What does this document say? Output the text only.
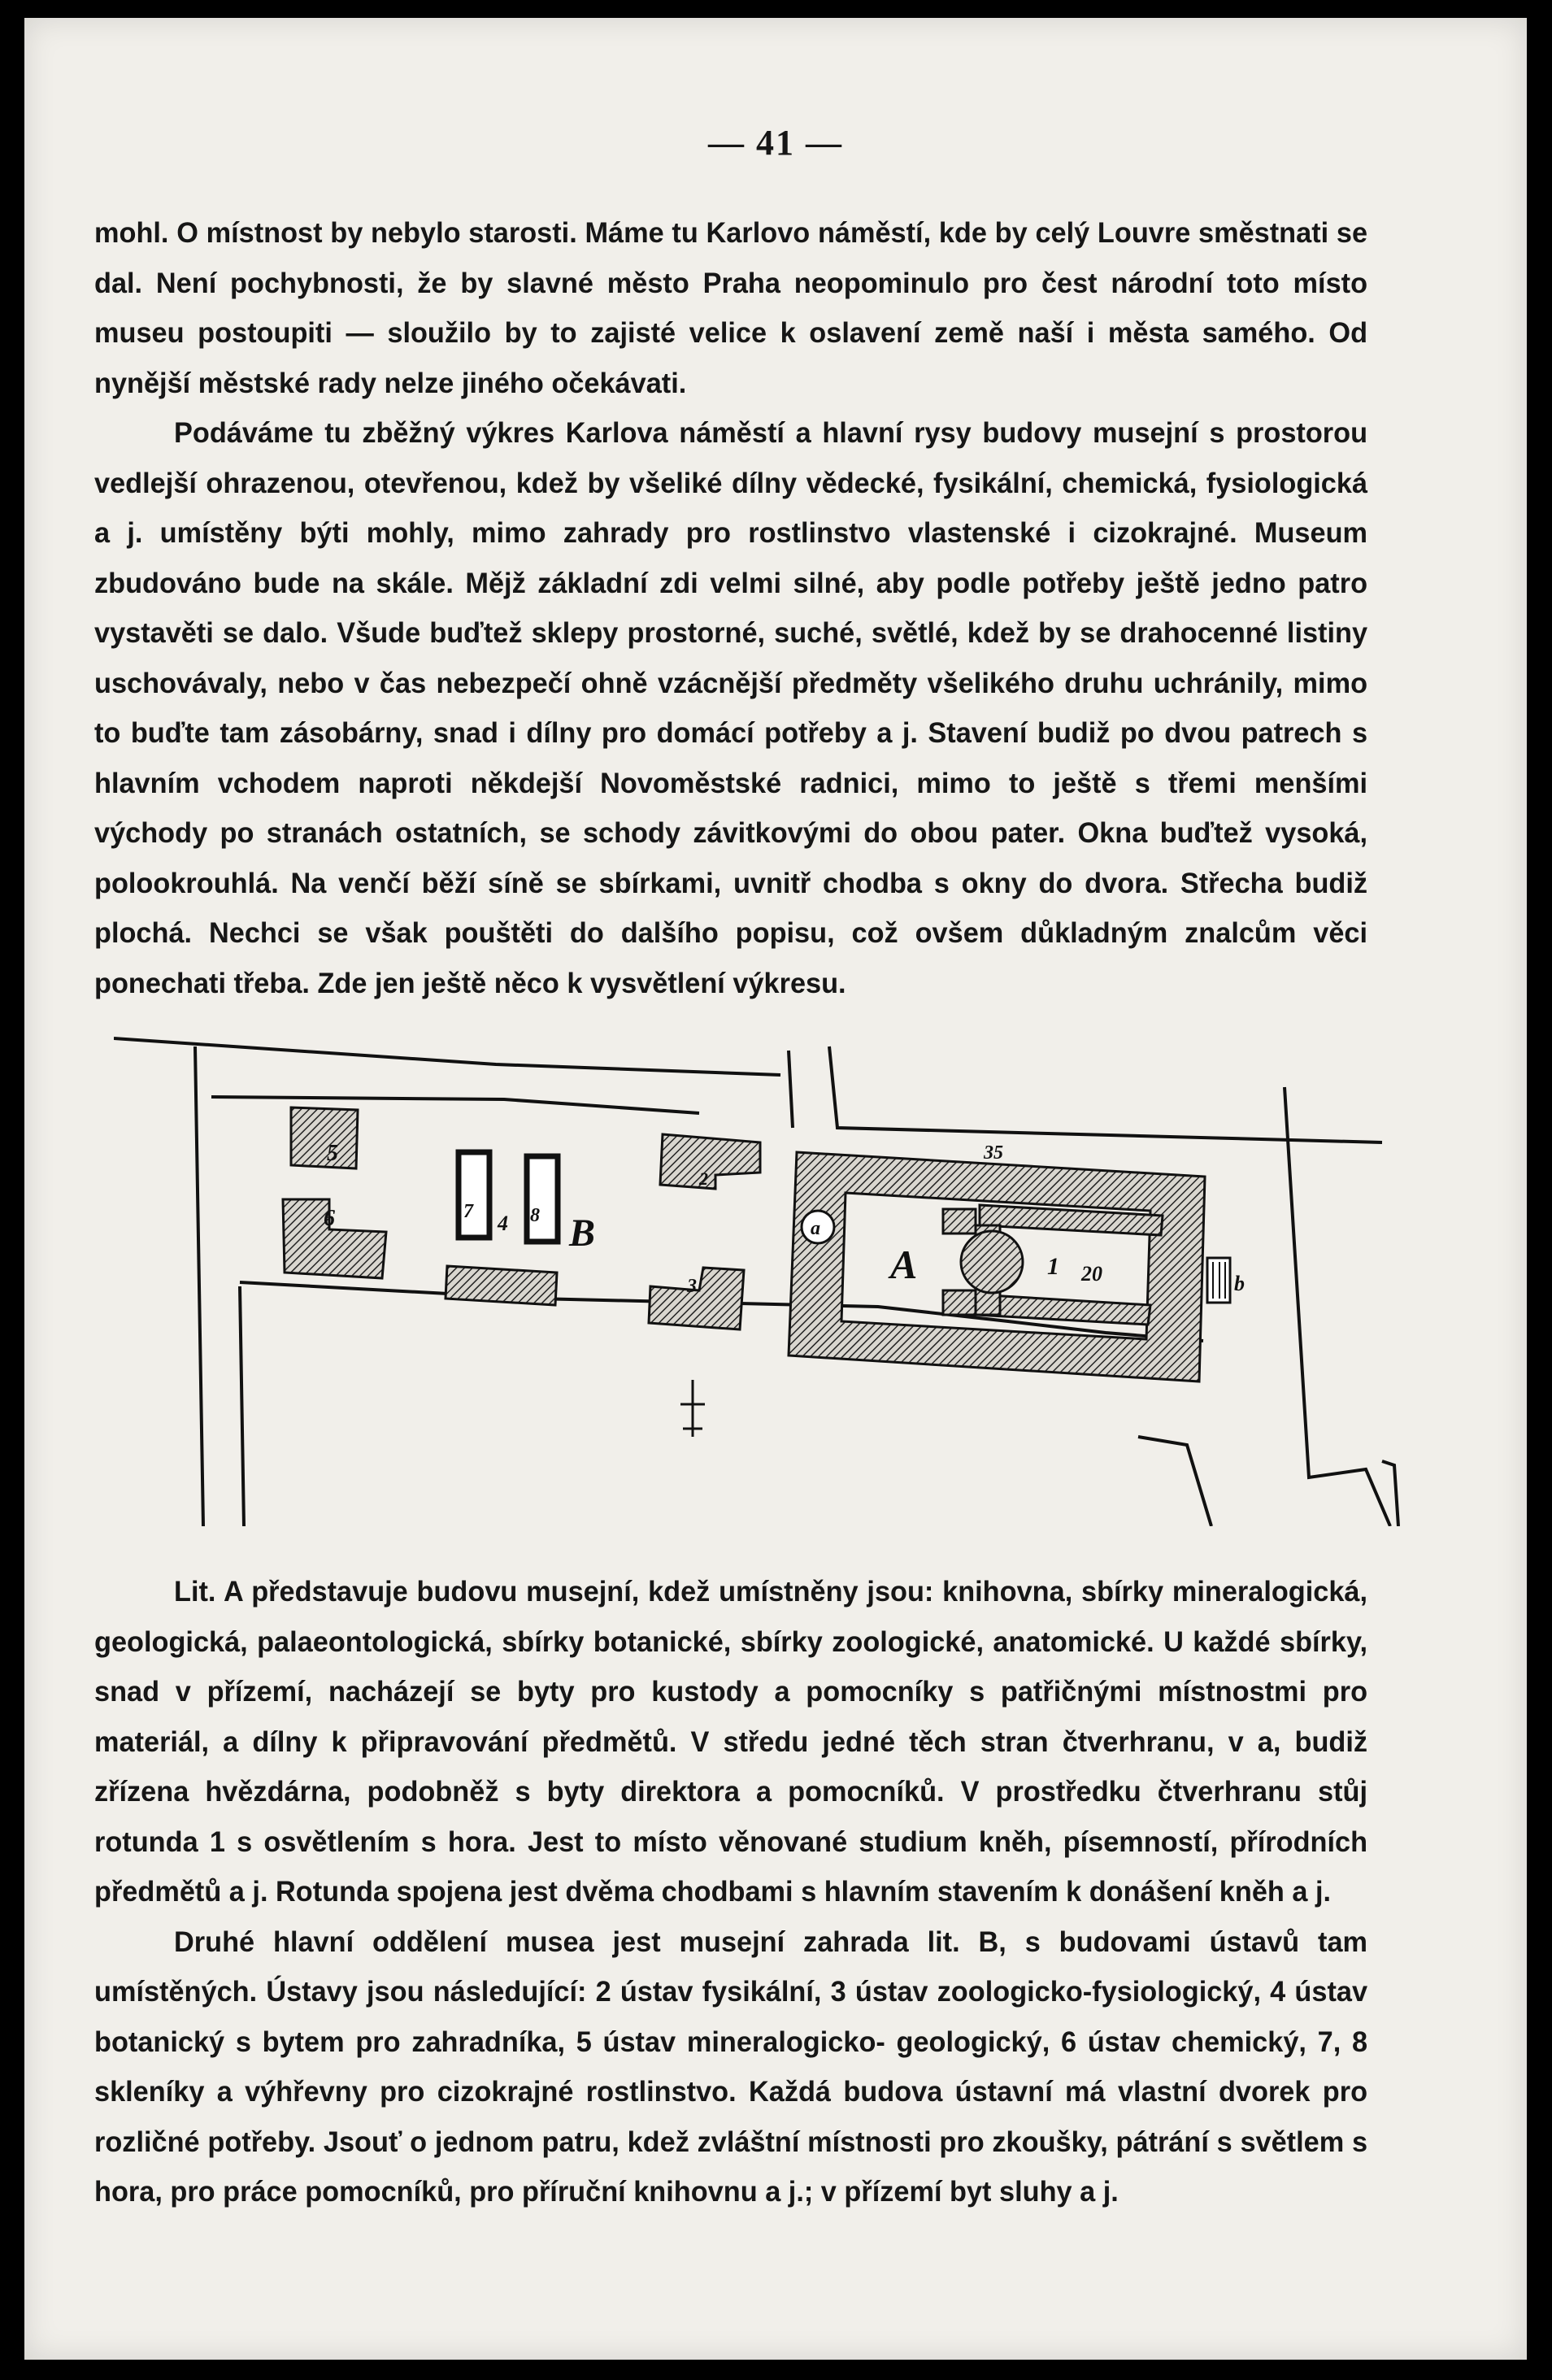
— 41 —

mohl. O místnost by nebylo starosti. Máme tu Karlovo náměstí, kde by celý Louvre směstnati se dal. Není pochybnosti, že by slavné město Praha neopominulo pro čest národní toto místo museu postoupiti — sloužilo by to zajisté velice k oslavení země naší i města samého. Od nynější městské rady nelze jiného očekávati.

Podáváme tu zběžný výkres Karlova náměstí a hlavní rysy budovy musejní s prostorou vedlejší ohrazenou, otevřenou, kdež by všeliké dílny vědecké, fysikální, chemická, fysiologická a j. umístěny býti mohly, mimo zahrady pro rostlinstvo vlastenské i cizokrajné. Museum zbudováno bude na skále. Mějž základní zdi velmi silné, aby podle potřeby ještě jedno patro vystavěti se dalo. Všude buďtež sklepy prostorné, suché, světlé, kdež by se drahocenné listiny uschovávaly, nebo v čas nebezpečí ohně vzácnější předměty všelikého druhu uchránily, mimo to buďte tam zásobárny, snad i dílny pro domácí potřeby a j. Stavení budiž po dvou patrech s hlavním vchodem naproti někdejší Novoměstské radnici, mimo to ještě s třemi menšími východy po stranách ostatních, se schody závitkovými do obou pater. Okna buďtež vysoká, polookrouhlá. Na venčí běží síně se sbírkami, uvnitř chodba s okny do dvora. Střecha budiž plochá. Nechci se však pouštěti do dalšího popisu, což ovšem důkladným znalcům věci ponechati třeba. Zde jen ještě něco k vysvětlení výkresu.

5
6	7	8
4 B
2
3
1
a
b
A	20
35

Lit. A představuje budovu musejní, kdež umístněny jsou: knihovna, sbírky mineralogická, geologická, palaeontologická, sbírky botanické, sbírky zoologické, anatomické. U každé sbírky, snad v přízemí, nacházejí se byty pro kustody a pomocníky s patřičnými místnostmi pro materiál, a dílny k připravování předmětů. V středu jedné těch stran čtverhranu, v a, budiž zřízena hvězdárna, podobněž s byty direktora a pomocníků. V prostředku čtverhranu stůj rotunda 1 s osvětlením s hora. Jest to místo věnované studium kněh, písemností, přírodních předmětů a j. Rotunda spojena jest dvěma chodbami s hlavním stavením k donášení kněh a j.

Druhé hlavní oddělení musea jest musejní zahrada lit. B, s budovami ústavů tam umístěných. Ústavy jsou následující: 2 ústav fysikální, 3 ústav zoologicko-fysiologický, 4 ústav botanický s bytem pro zahradníka, 5 ústav mineralogicko- geologický, 6 ústav chemický, 7, 8 skleníky a výhřevny pro cizokrajné rostlinstvo. Každá budova ústavní má vlastní dvorek pro rozličné potřeby. Jsouť o jednom patru, kdež zvláštní místnosti pro zkoušky, pátrání s světlem s hora, pro práce pomocníků, pro příruční knihovnu a j.; v přízemí byt sluhy a j.
